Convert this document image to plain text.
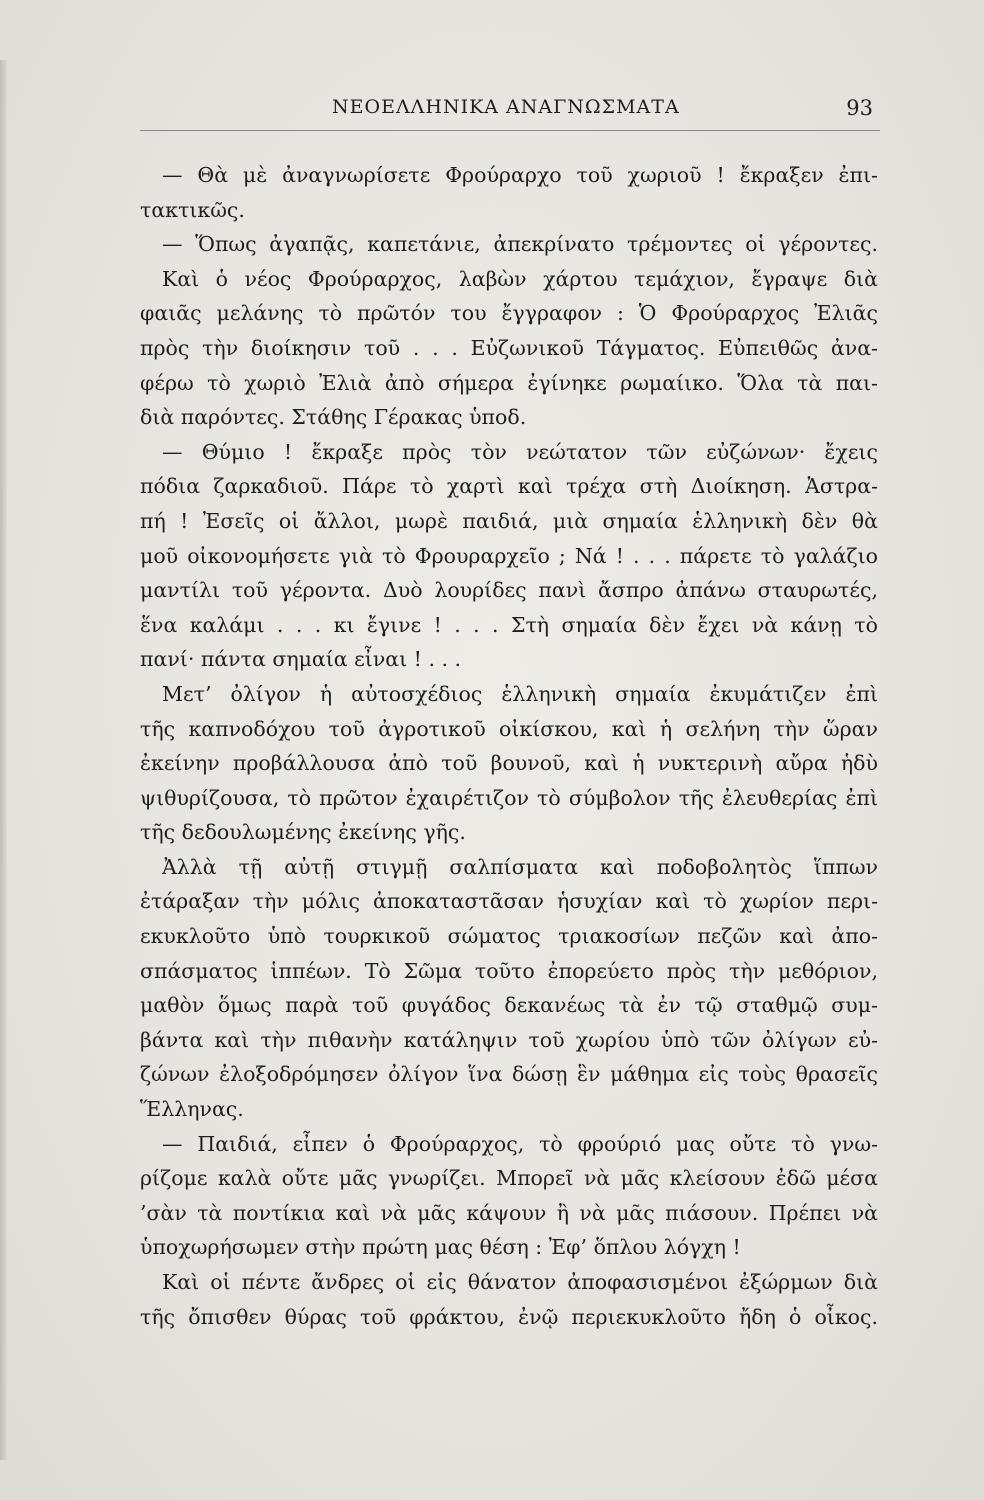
ΝΕΟΕΛΛΗΝΙΚΑ ΑΝΑΓΝΩΣΜΑΤΑ	93
— Θὰ μὲ ἀναγνωρίσετε Φρούραρχο τοῦ χωριοῦ ! ἔκραξεν ἐπι-
τακτικῶς.
— Ὅπως ἀγαπᾷς, καπετάνιε, ἀπεκρίνατο τρέμοντες οἱ γέροντες.
Καὶ ὁ νέος Φρούραρχος, λαβὼν χάρτου τεμάχιον, ἔγραψε διὰ
φαιᾶς μελάνης τὸ πρῶτόν του ἔγγραφον : Ὁ Φρούραρχος Ἐλιᾶς
πρὸς τὴν διοίκησιν τοῦ . . . Εὐζωνικοῦ Τάγματος. Εὐπειθῶς ἀνα-
φέρω τὸ χωριὸ Ἐλιὰ ἀπὸ σήμερα ἐγίνηκε ρωμαίικο. Ὅλα τὰ παι-
διὰ παρόντες. Στάθης Γέρακας ὑποδ.
— Θύμιο ! ἔκραξε πρὸς τὸν νεώτατον τῶν εὐζώνων· ἔχεις
πόδια ζαρκαδιοῦ. Πάρε τὸ χαρτὶ καὶ τρέχα στὴ Διοίκηση. Ἀστρα-
πή ! Ἐσεῖς οἱ ἄλλοι, μωρὲ παιδιά, μιὰ σημαία ἑλληνικὴ δὲν θὰ
μοῦ οἰκονομήσετε γιὰ τὸ Φρουραρχεῖο ; Νά ! . . . πάρετε τὸ γαλάζιο
μαντίλι τοῦ γέροντα. Δυὸ λουρίδες πανὶ ἄσπρο ἀπάνω σταυρωτές,
ἕνα καλάμι . . . κι ἔγινε ! . . . Στὴ σημαία δὲν ἔχει νὰ κάνῃ τὸ
πανί· πάντα σημαία εἶναι ! . . .
Μετ’ ὀλίγον ἡ αὐτοσχέδιος ἑλληνικὴ σημαία ἐκυμάτιζεν ἐπὶ
τῆς καπνοδόχου τοῦ ἀγροτικοῦ οἰκίσκου, καὶ ἡ σελήνη τὴν ὥραν
ἐκείνην προβάλλουσα ἀπὸ τοῦ βουνοῦ, καὶ ἡ νυκτερινὴ αὔρα ἡδὺ
ψιθυρίζουσα, τὸ πρῶτον ἐχαιρέτιζον τὸ σύμβολον τῆς ἐλευθερίας ἐπὶ
τῆς δεδουλωμένης ἐκείνης γῆς.
Ἀλλὰ τῇ αὐτῇ στιγμῇ σαλπίσματα καὶ ποδοβολητὸς ἵππων
ἐτάραξαν τὴν μόλις ἀποκαταστᾶσαν ἡσυχίαν καὶ τὸ χωρίον περι-
εκυκλοῦτο ὑπὸ τουρκικοῦ σώματος τριακοσίων πεζῶν καὶ ἀπο-
σπάσματος ἱππέων. Τὸ Σῶμα τοῦτο ἐπορεύετο πρὸς τὴν μεθόριον,
μαθὸν ὅμως παρὰ τοῦ φυγάδος δεκανέως τὰ ἐν τῷ σταθμῷ συμ-
βάντα καὶ τὴν πιθανὴν κατάληψιν τοῦ χωρίου ὑπὸ τῶν ὀλίγων εὐ-
ζώνων ἐλοξοδρόμησεν ὀλίγον ἵνα δώσῃ ἓν μάθημα εἰς τοὺς θρασεῖς
Ἕλληνας.
— Παιδιά, εἶπεν ὁ Φρούραρχος, τὸ φρούριό μας οὔτε τὸ γνω-
ρίζομε καλὰ οὔτε μᾶς γνωρίζει. Μπορεῖ νὰ μᾶς κλείσουν ἐδῶ μέσα
’σὰν τὰ ποντίκια καὶ νὰ μᾶς κάψουν ἢ νὰ μᾶς πιάσουν. Πρέπει νὰ
ὑποχωρήσωμεν στὴν πρώτη μας θέση : Ἐφ’ ὅπλου λόγχη !
Καὶ οἱ πέντε ἄνδρες οἱ εἰς θάνατον ἀποφασισμένοι ἐξώρμων διὰ
τῆς ὄπισθεν θύρας τοῦ φράκτου, ἐνῷ περιεκυκλοῦτο ἤδη ὁ οἶκος.
